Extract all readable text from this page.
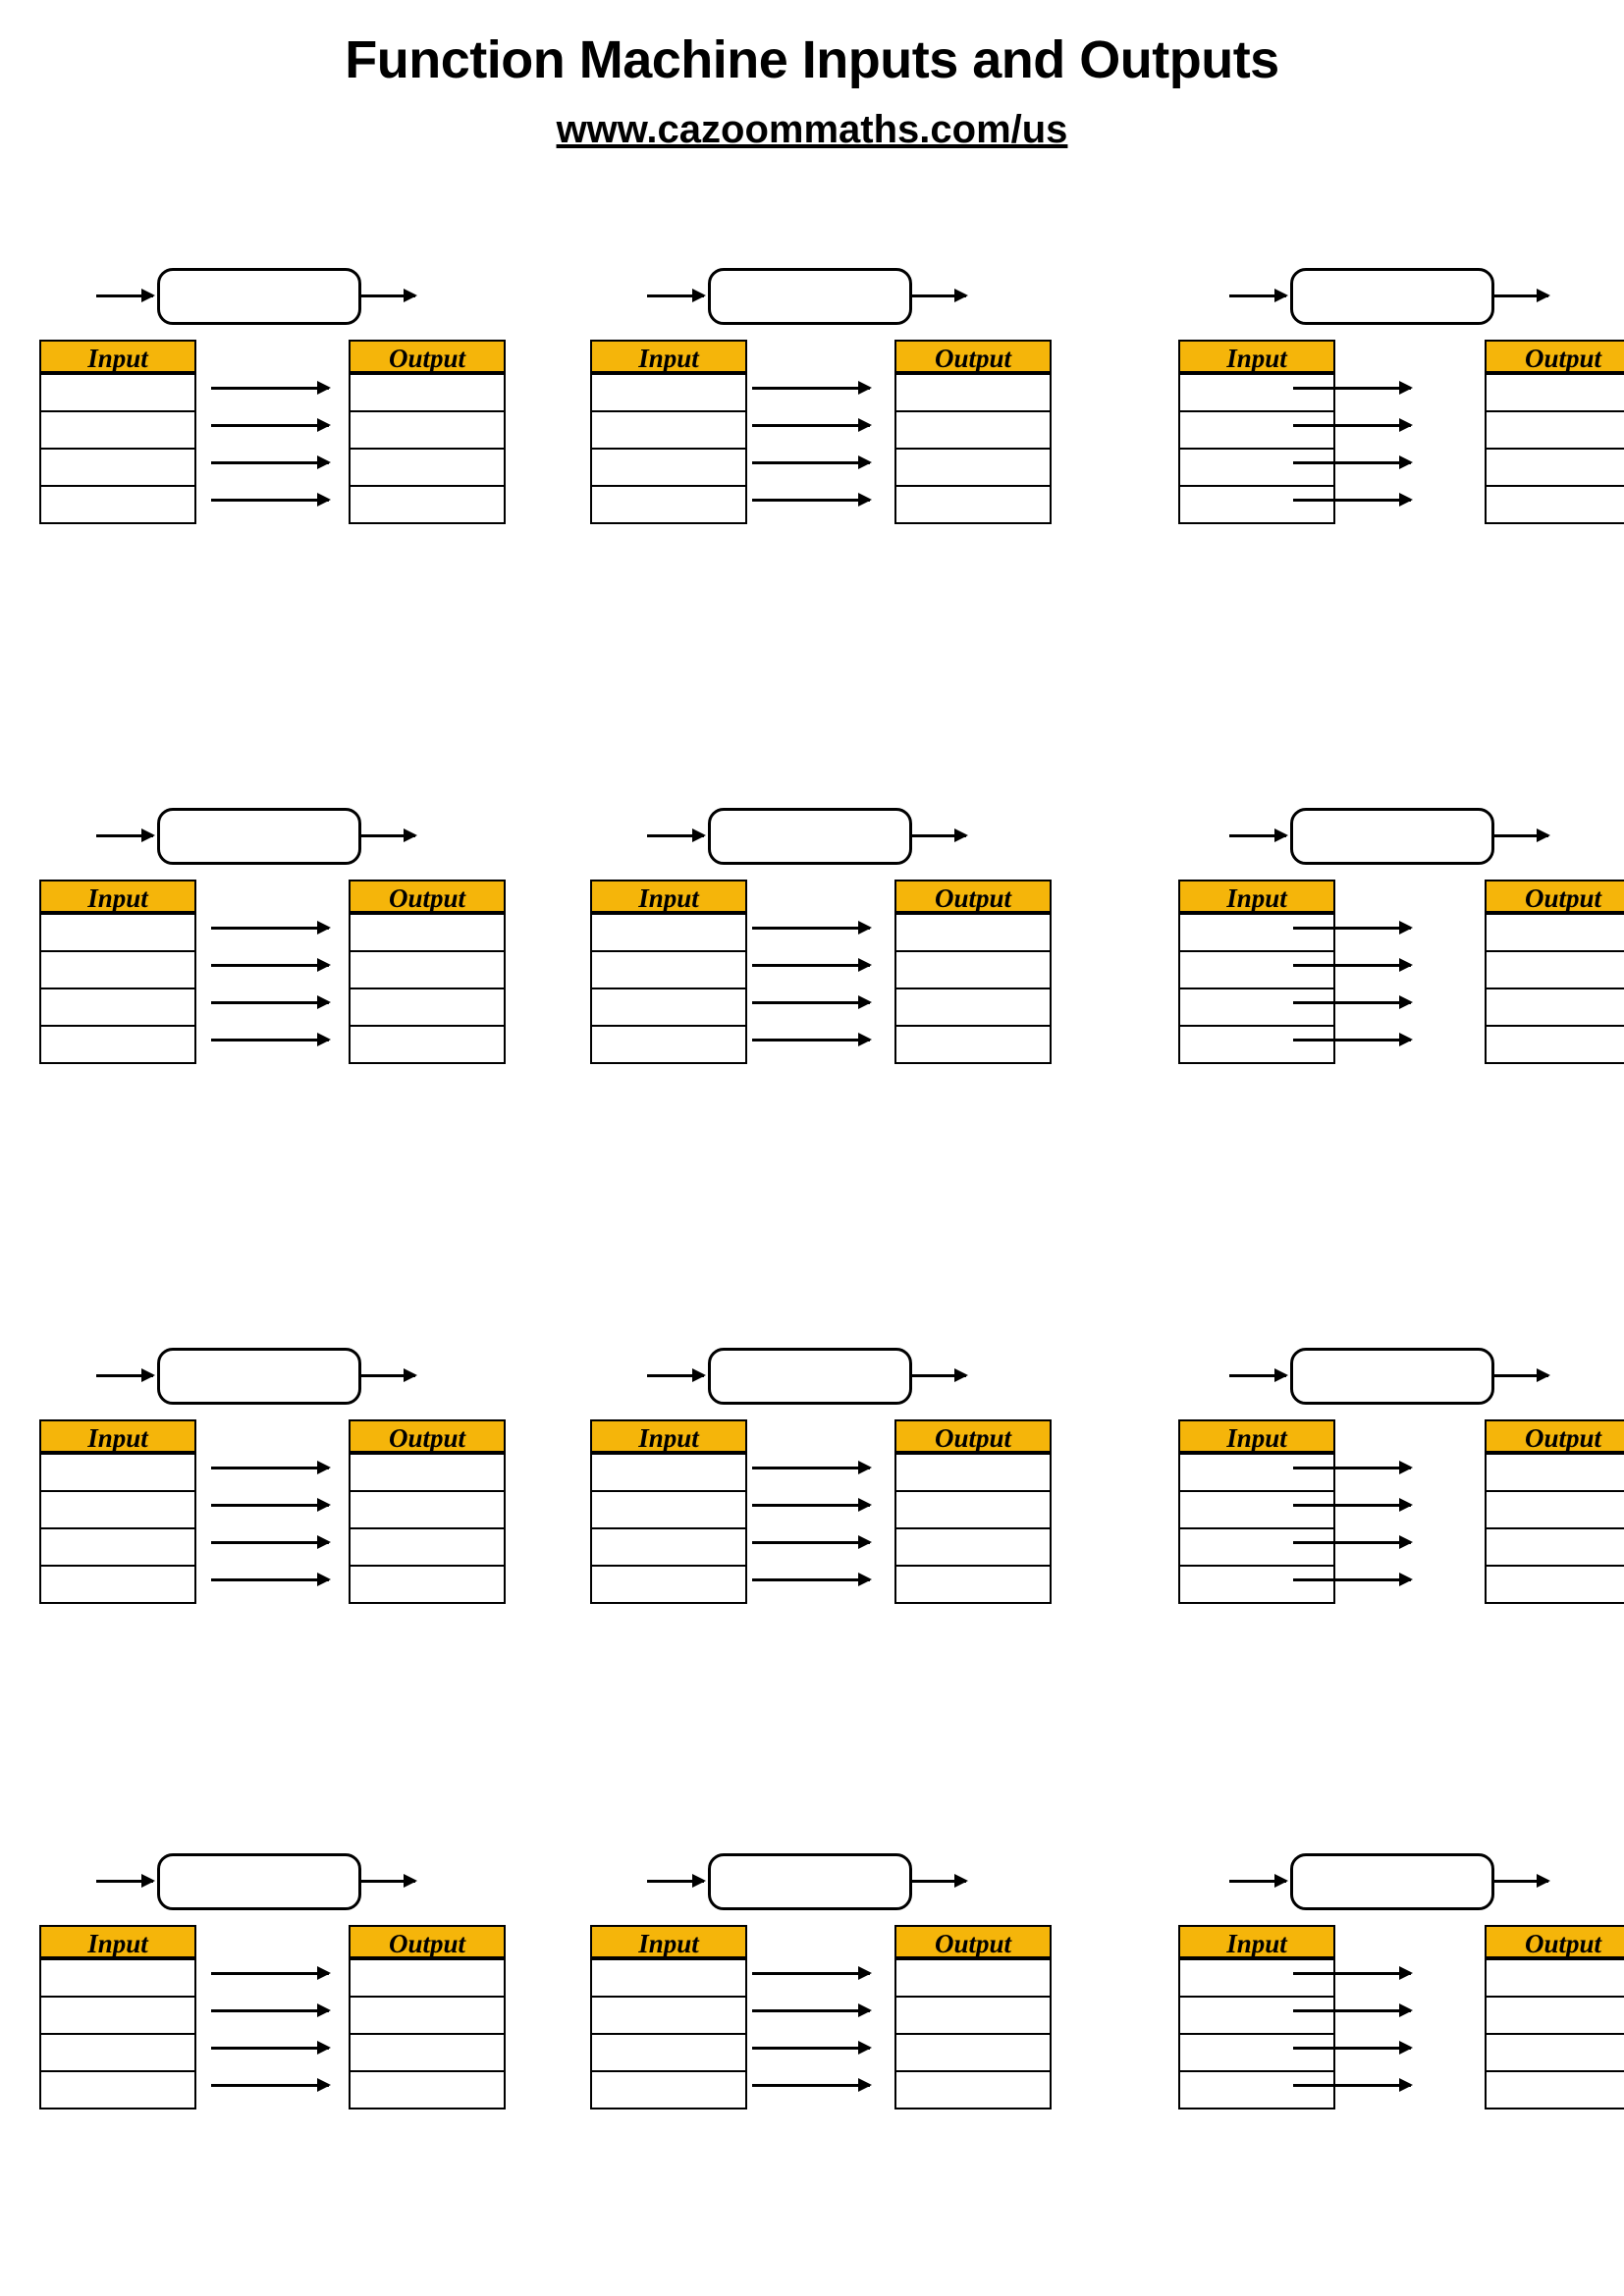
Function Machine Inputs and Outputs
www.cazoommaths.com/us
Input	Output	Input	Output	Input	Output
Input	Output	Input	Output	Input	Output
Input	Output	Input	Output	Input	Output
Input	Output	Input	Output	Input	Output
